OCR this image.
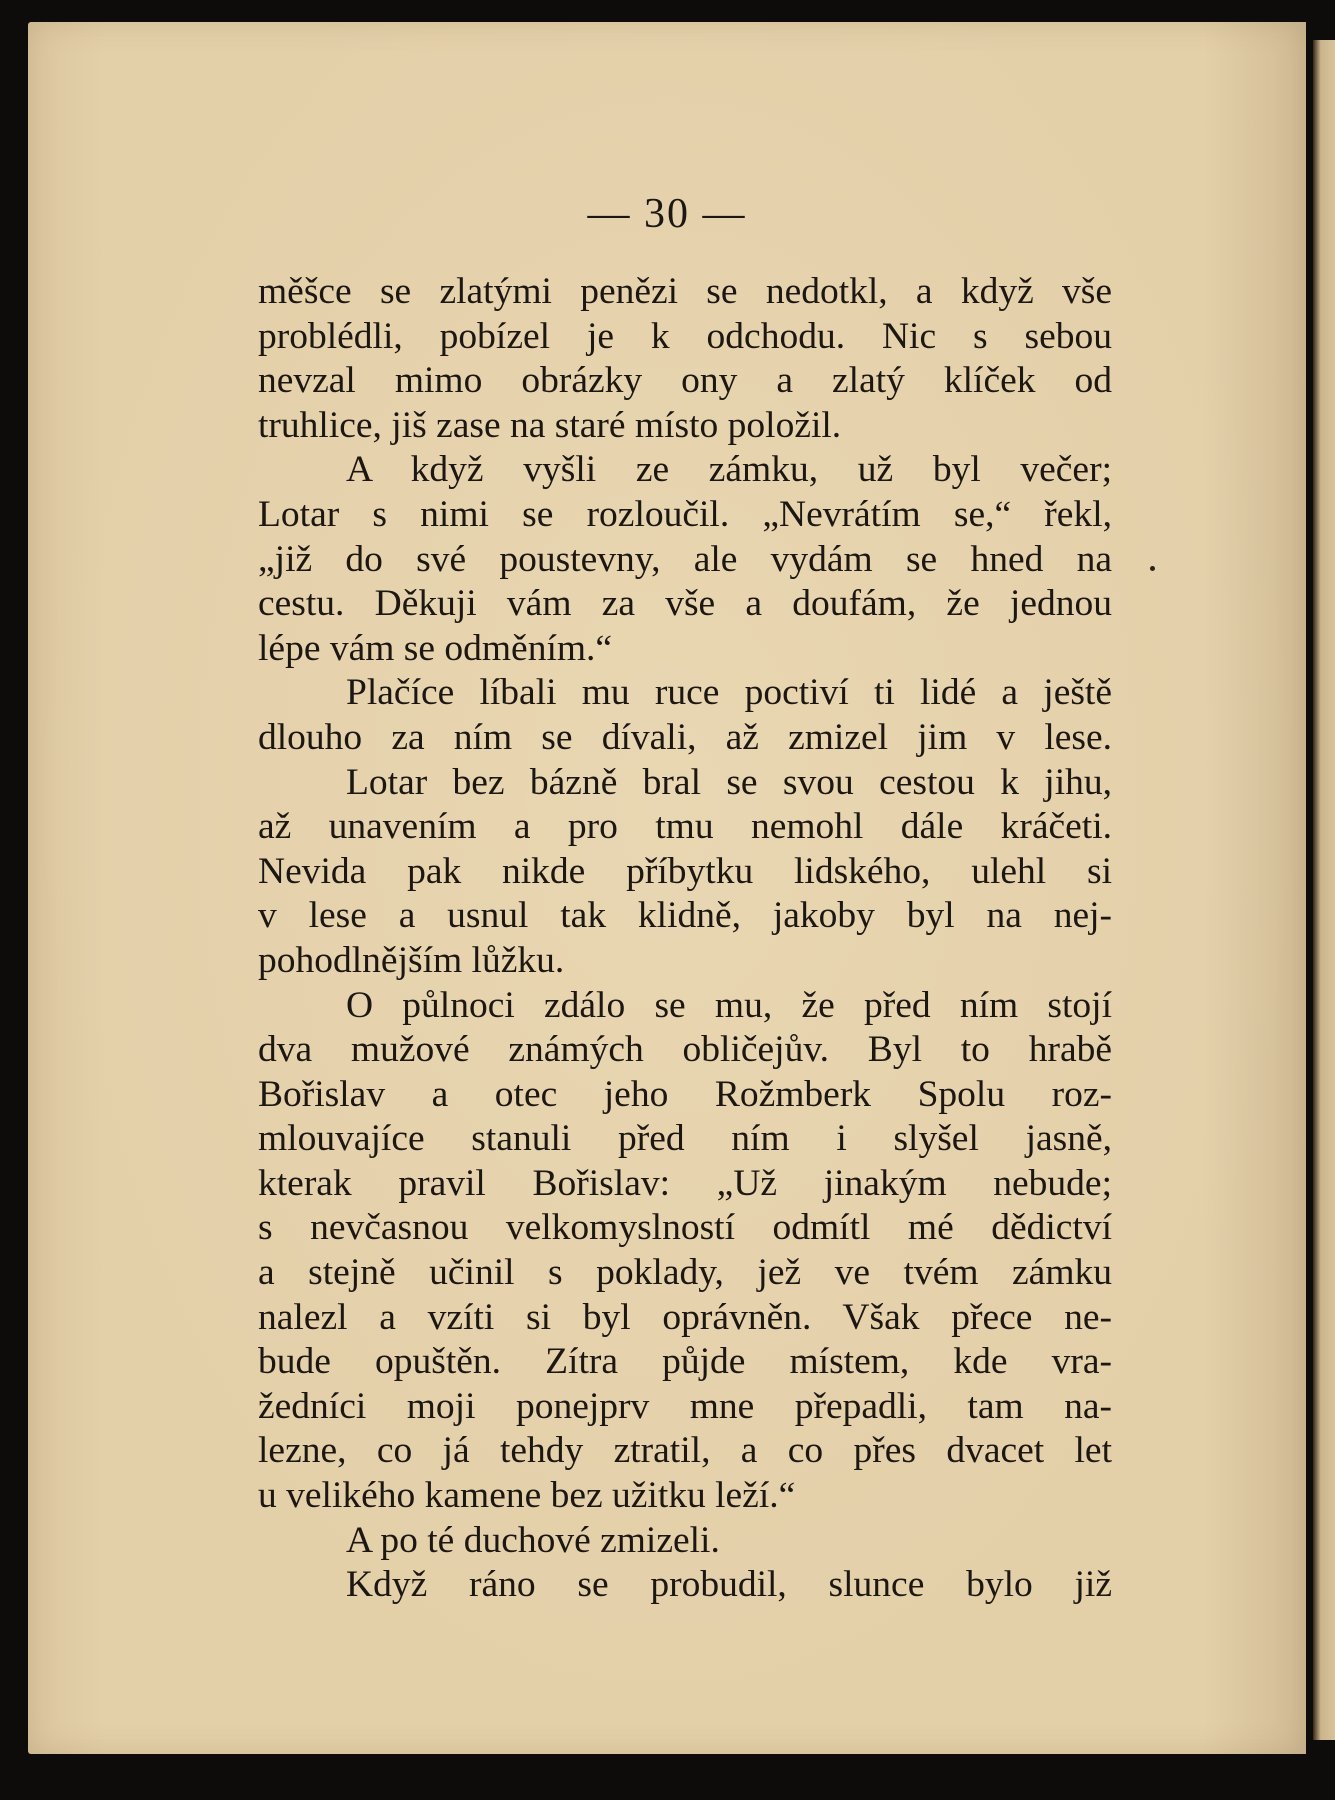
— 30 —
měšce se zlatými penězi se nedotkl, a když vše
problédli, pobízel je k odchodu. Nic s sebou
nevzal mimo obrázky ony a zlatý klíček od
truhlice, jiš zase na staré místo položil.
A když vyšli ze zámku, už byl večer;
Lotar s nimi se rozloučil. „Nevrátím se,“ řekl,
„již do své poustevny, ale vydám se hned na
cestu. Děkuji vám za vše a doufám, že jednou
lépe vám se odměním.“
Plačíce líbali mu ruce poctiví ti lidé a ještě
dlouho za ním se dívali, až zmizel jim v lese.
Lotar bez bázně bral se svou cestou k jihu,
až unavením a pro tmu nemohl dále kráčeti.
Nevida pak nikde příbytku lidského, ulehl si
v lese a usnul tak klidně, jakoby byl na nej-
pohodlnějším lůžku.
O půlnoci zdálo se mu, že před ním stojí
dva mužové známých obličejův. Byl to hrabě
Bořislav a otec jeho Rožmberk Spolu roz-
mlouvajíce stanuli před ním i slyšel jasně,
kterak pravil Bořislav: „Už jinakým nebude;
s nevčasnou velkomyslností odmítl mé dědictví
a stejně učinil s poklady, jež ve tvém zámku
nalezl a vzíti si byl oprávněn. Však přece ne-
bude opuštěn. Zítra půjde místem, kde vra-
žedníci moji ponejprv mne přepadli, tam na-
lezne, co já tehdy ztratil, a co přes dvacet let
u velikého kamene bez užitku leží.“
A po té duchové zmizeli.
Když ráno se probudil, slunce bylo již
